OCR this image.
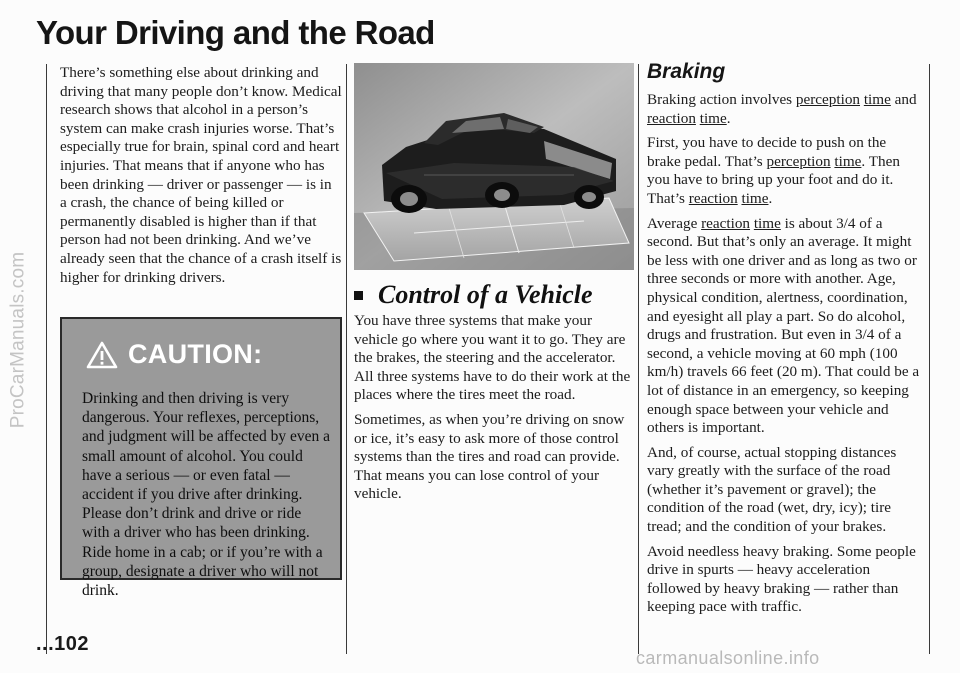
ProCarManuals.com
Your Driving and the Road

There’s something else about drinking and driving that many people don’t know. Medical research shows that alcohol in a person’s system can make crash injuries worse. That’s especially true for brain, spinal cord and heart injuries. That means that if anyone who has been drinking — driver or passenger — is in a crash, the chance of being killed or permanently disabled is higher than if that person had not been drinking. And we’ve already seen that the chance of a crash itself is higher for drinking drivers.

CAUTION:
Drinking and then driving is very dangerous. Your reflexes, perceptions, and judgment will be affected by even a small amount of alcohol. You could have a serious — or even fatal — accident if you drive after drinking. Please don’t drink and drive or ride with a driver who has been drinking. Ride home in a cab; or if you’re with a group, designate a driver who will not drink.
Control of a Vehicle

You have three systems that make your vehicle go where you want it to go. They are the brakes, the steering and the accelerator. All three systems have to do their work at the places where the tires meet the road.

Sometimes, as when you’re driving on snow or ice, it’s easy to ask more of those control systems than the tires and road can provide. That means you can lose control of your vehicle.

Braking

Braking action involves perception time and reaction time.

First, you have to decide to push on the brake pedal. That’s perception time. Then you have to bring up your foot and do it. That’s reaction time.

Average reaction time is about 3/4 of a second. But that’s only an average. It might be less with one driver and as long as two or three seconds or more with another. Age, physical condition, alertness, coordination, and eyesight all play a part. So do alcohol, drugs and frustration. But even in 3/4 of a second, a vehicle moving at 60 mph (100 km/h) travels 66 feet (20 m). That could be a lot of distance in an emergency, so keeping enough space between your vehicle and others is important.

And, of course, actual stopping distances vary greatly with the surface of the road (whether it’s pavement or gravel); the condition of the road (wet, dry, icy); tire tread; and the condition of your brakes.

Avoid needless heavy braking. Some people drive in spurts — heavy acceleration followed by heavy braking — rather than keeping pace with traffic.

...102
carmanualsonline.info
